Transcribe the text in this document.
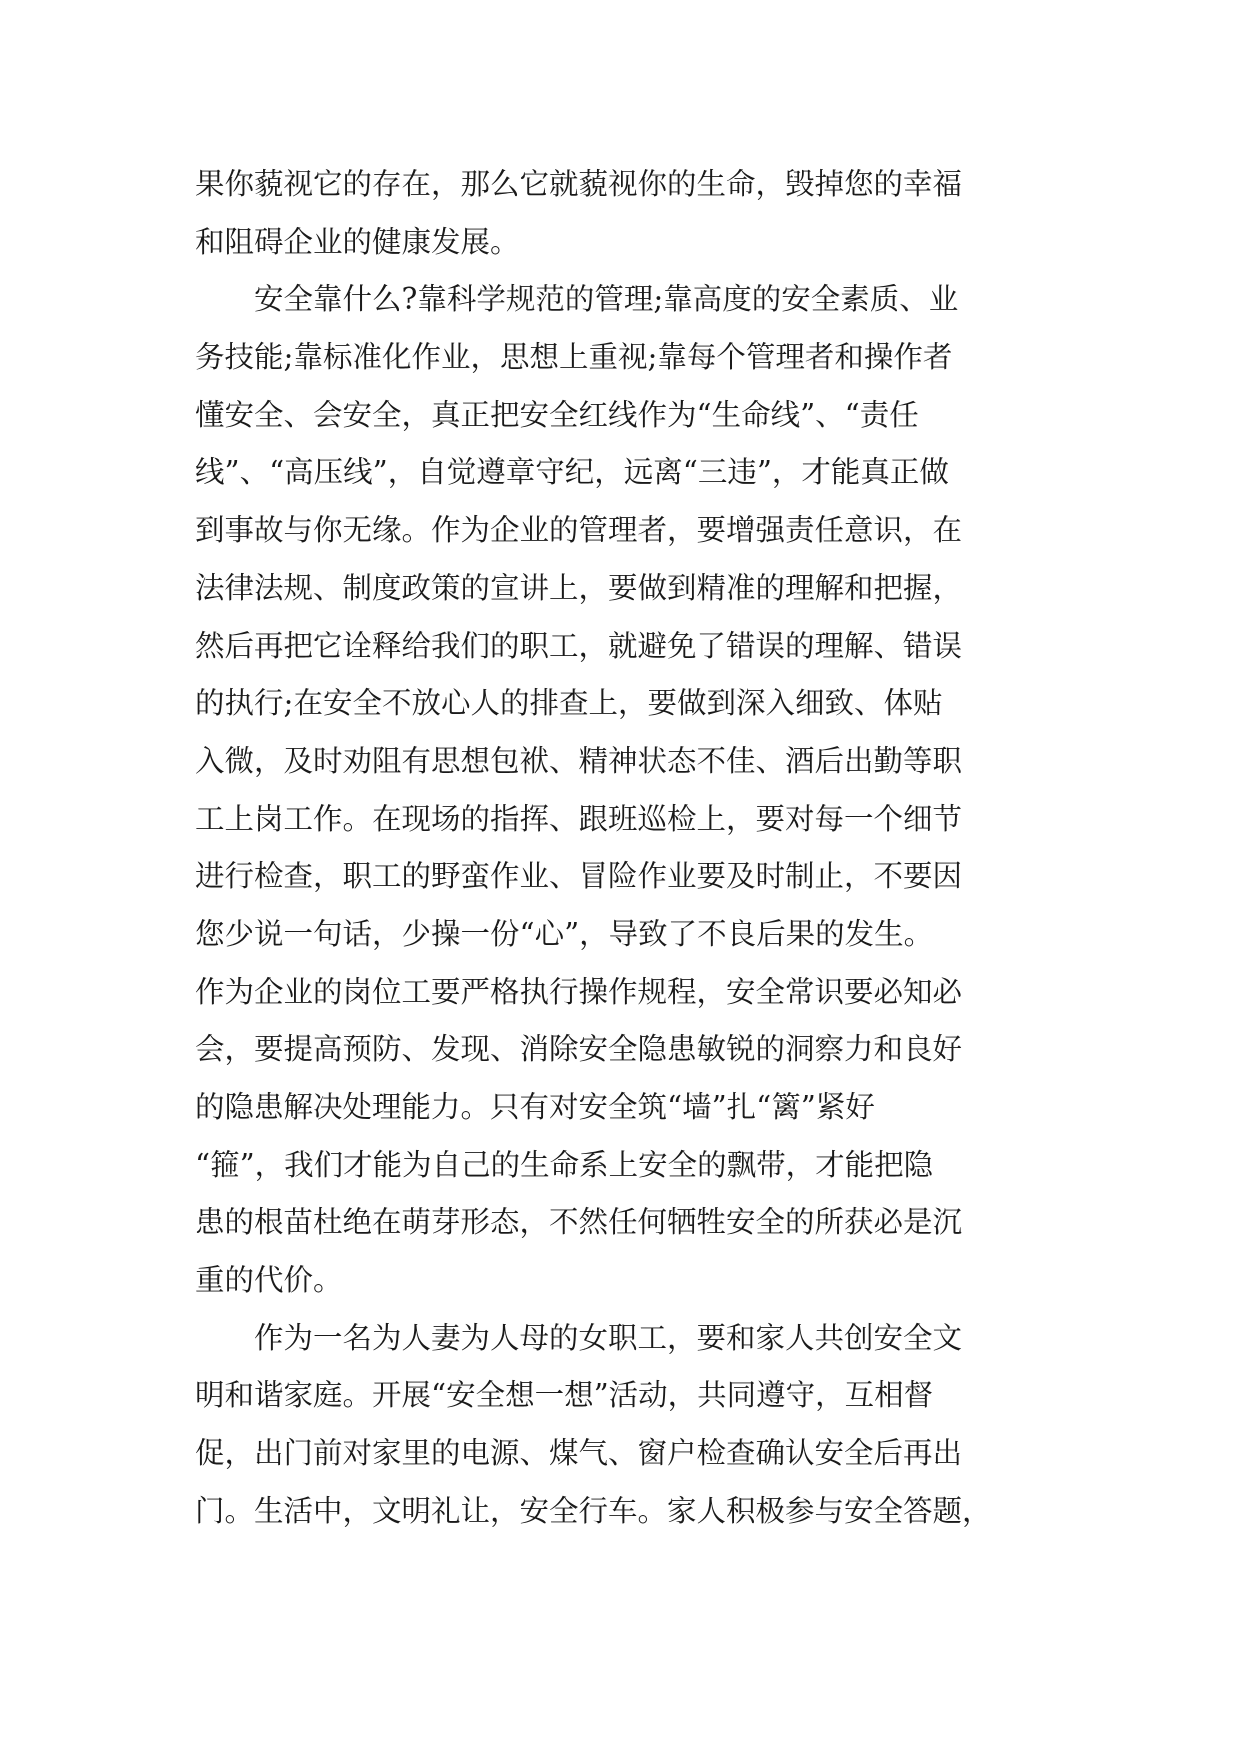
果你藐视它的存在，那么它就藐视你的生命，毁掉您的幸福
和阻碍企业的健康发展。
　　安全靠什么?靠科学规范的管理;靠高度的安全素质、业
务技能;靠标准化作业，思想上重视;靠每个管理者和操作者
懂安全、会安全，真正把安全红线作为“生命线”、“责任
线”、“高压线”，自觉遵章守纪，远离“三违”，才能真正做
到事故与你无缘。作为企业的管理者，要增强责任意识，在
法律法规、制度政策的宣讲上，要做到精准的理解和把握，
然后再把它诠释给我们的职工，就避免了错误的理解、错误
的执行;在安全不放心人的排查上，要做到深入细致、体贴
入微，及时劝阻有思想包袱、精神状态不佳、酒后出勤等职
工上岗工作。在现场的指挥、跟班巡检上，要对每一个细节
进行检查，职工的野蛮作业、冒险作业要及时制止，不要因
您少说一句话，少操一份“心”，导致了不良后果的发生。
作为企业的岗位工要严格执行操作规程，安全常识要必知必
会，要提高预防、发现、消除安全隐患敏锐的洞察力和良好
的隐患解决处理能力。只有对安全筑“墙”扎“篱”紧好
“箍”，我们才能为自己的生命系上安全的飘带，才能把隐
患的根苗杜绝在萌芽形态，不然任何牺牲安全的所获必是沉
重的代价。
　　作为一名为人妻为人母的女职工，要和家人共创安全文
明和谐家庭。开展“安全想一想”活动，共同遵守，互相督
促，出门前对家里的电源、煤气、窗户检查确认安全后再出
门。生活中，文明礼让，安全行车。家人积极参与安全答题，
